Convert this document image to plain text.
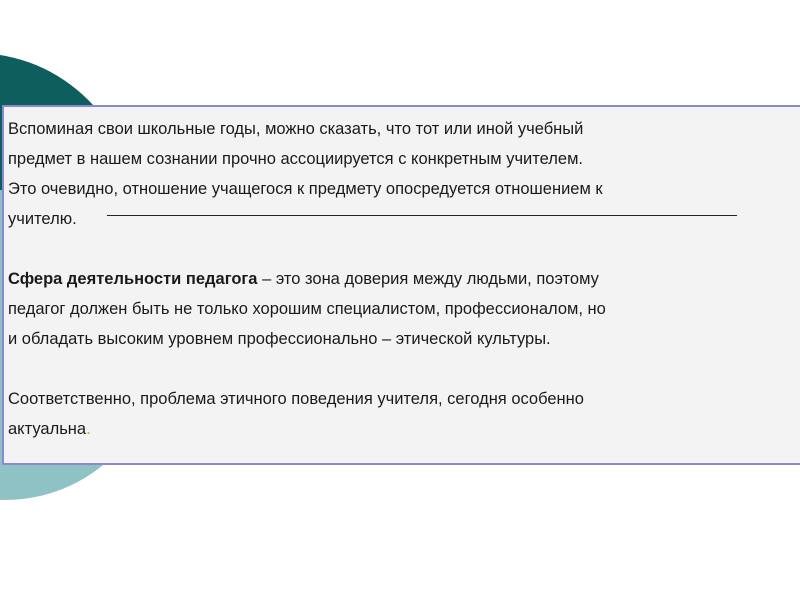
Вспоминая свои школьные годы, можно сказать, что тот или иной учебный
предмет в нашем сознании прочно ассоциируется с конкретным учителем.
Это очевидно, отношение учащегося к предмету опосредуется отношением к
учителю.
Сфера деятельности педагога – это зона доверия между людьми, поэтому
педагог должен быть не только хорошим специалистом, профессионалом, но
и обладать высоким уровнем профессионально – этической культуры.
Соответственно, проблема этичного поведения учителя, сегодня особенно
актуальна.
